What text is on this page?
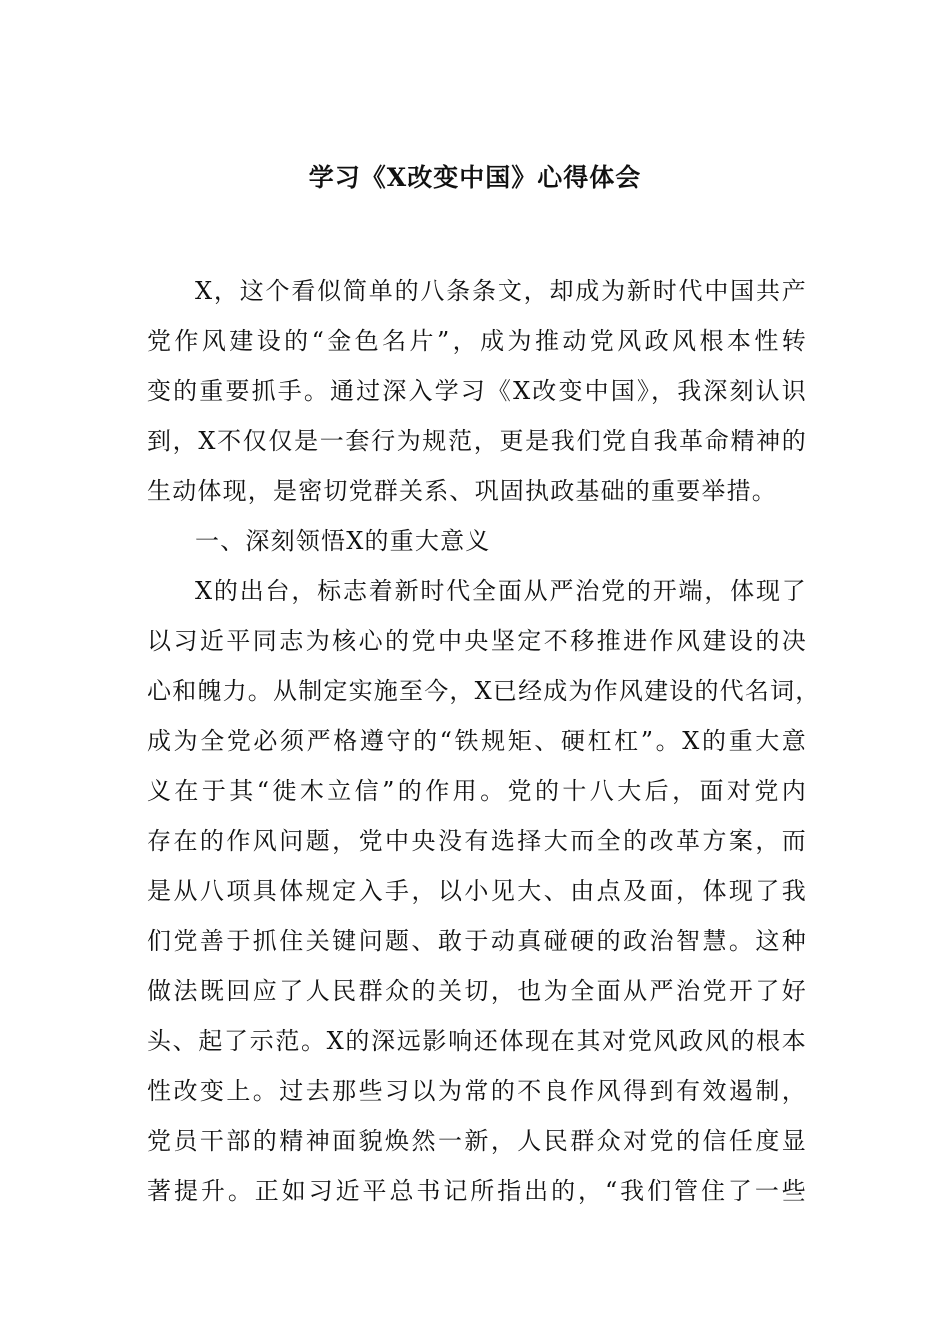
学习《X改变中国》心得体会
X，这个看似简单的八条条文，却成为新时代中国共产
党作风建设的“金色名片”，成为推动党风政风根本性转
变的重要抓手。通过深入学习《X改变中国》，我深刻认识
到，X不仅仅是一套行为规范，更是我们党自我革命精神的
生动体现，是密切党群关系、巩固执政基础的重要举措。
一、深刻领悟X的重大意义
X的出台，标志着新时代全面从严治党的开端，体现了
以习近平同志为核心的党中央坚定不移推进作风建设的决
心和魄力。从制定实施至今，X已经成为作风建设的代名词，
成为全党必须严格遵守的“铁规矩、硬杠杠”。X的重大意
义在于其“徙木立信”的作用。党的十八大后，面对党内
存在的作风问题，党中央没有选择大而全的改革方案，而
是从八项具体规定入手，以小见大、由点及面，体现了我
们党善于抓住关键问题、敢于动真碰硬的政治智慧。这种
做法既回应了人民群众的关切，也为全面从严治党开了好
头、起了示范。X的深远影响还体现在其对党风政风的根本
性改变上。过去那些习以为常的不良作风得到有效遏制，
党员干部的精神面貌焕然一新，人民群众对党的信任度显
著提升。正如习近平总书记所指出的，“我们管住了一些
